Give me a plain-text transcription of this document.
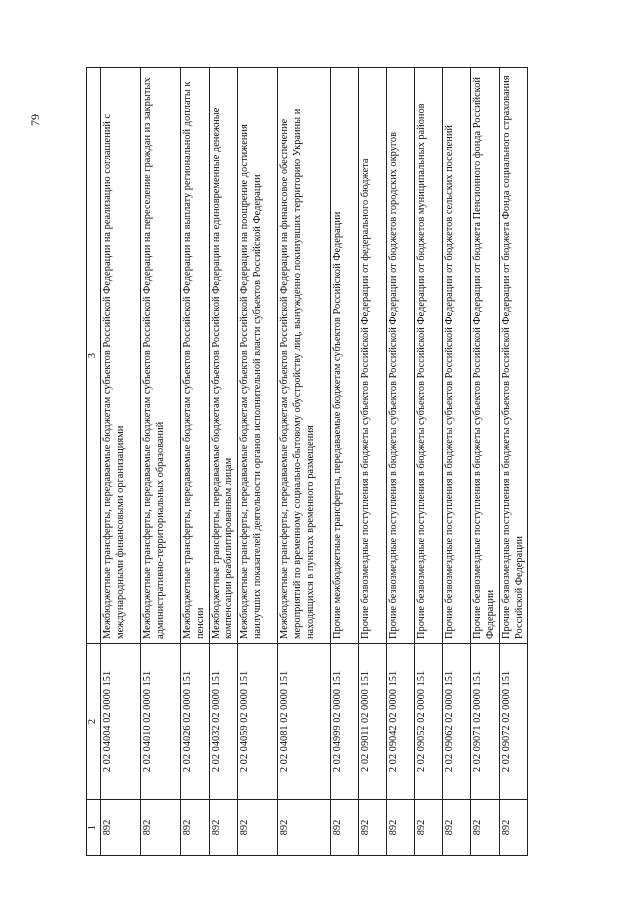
79
1	2	3
892	2 02 04004 02 0000 151	Межбюджетные трансферты, передаваемые бюджетам субъектов Российской Федерации на реализацию соглашений с международными финансовыми организациями
892	2 02 04010 02 0000 151	Межбюджетные трансферты, передаваемые бюджетам субъектов Российской Федерации на переселение граждан из закрытых административно-территориальных образований
892	2 02 04026 02 0000 151	Межбюджетные трансферты, передаваемые бюджетам субъектов Российской Федерации на выплату региональной доплаты к пенсии
892	2 02 04032 02 0000 151	Межбюджетные трансферты, передаваемые бюджетам субъектов Российской Федерации на единовременные денежные компенсации реабилитированным лицам
892	2 02 04059 02 0000 151	Межбюджетные трансферты, передаваемые бюджетам субъектов Российской Федерации на поощрение достижения наилучших показателей деятельности органов исполнительной власти субъектов Российской Федерации
892	2 02 04081 02 0000 151	Межбюджетные трансферты, передаваемые бюджетам субъектов Российской Федерации на финансовое обеспечение мероприятий по временному социально-бытовому обустройству лиц, вынужденно покинувших территорию Украины и находящихся в пунктах временного размещения
892	2 02 04999 02 0000 151	Прочие межбюджетные трансферты, передаваемые бюджетам субъектов Российской Федерации
892	2 02 09011 02 0000 151	Прочие безвозмездные поступления в бюджеты субъектов Российской Федерации от федерального бюджета
892	2 02 09042 02 0000 151	Прочие безвозмездные поступления в бюджеты субъектов Российской Федерации от бюджетов городских округов
892	2 02 09052 02 0000 151	Прочие безвозмездные поступления в бюджеты субъектов Российской Федерации от бюджетов муниципальных районов
892	2 02 09062 02 0000 151	Прочие безвозмездные поступления в бюджеты субъектов Российской Федерации от бюджетов сельских поселений
892	2 02 09071 02 0000 151	Прочие безвозмездные поступления в бюджеты субъектов Российской Федерации от бюджета Пенсионного фонда Российской Федерации
892	2 02 09072 02 0000 151	Прочие безвозмездные поступления в бюджеты субъектов Российской Федерации от бюджета Фонда социального страхования Российской Федерации
